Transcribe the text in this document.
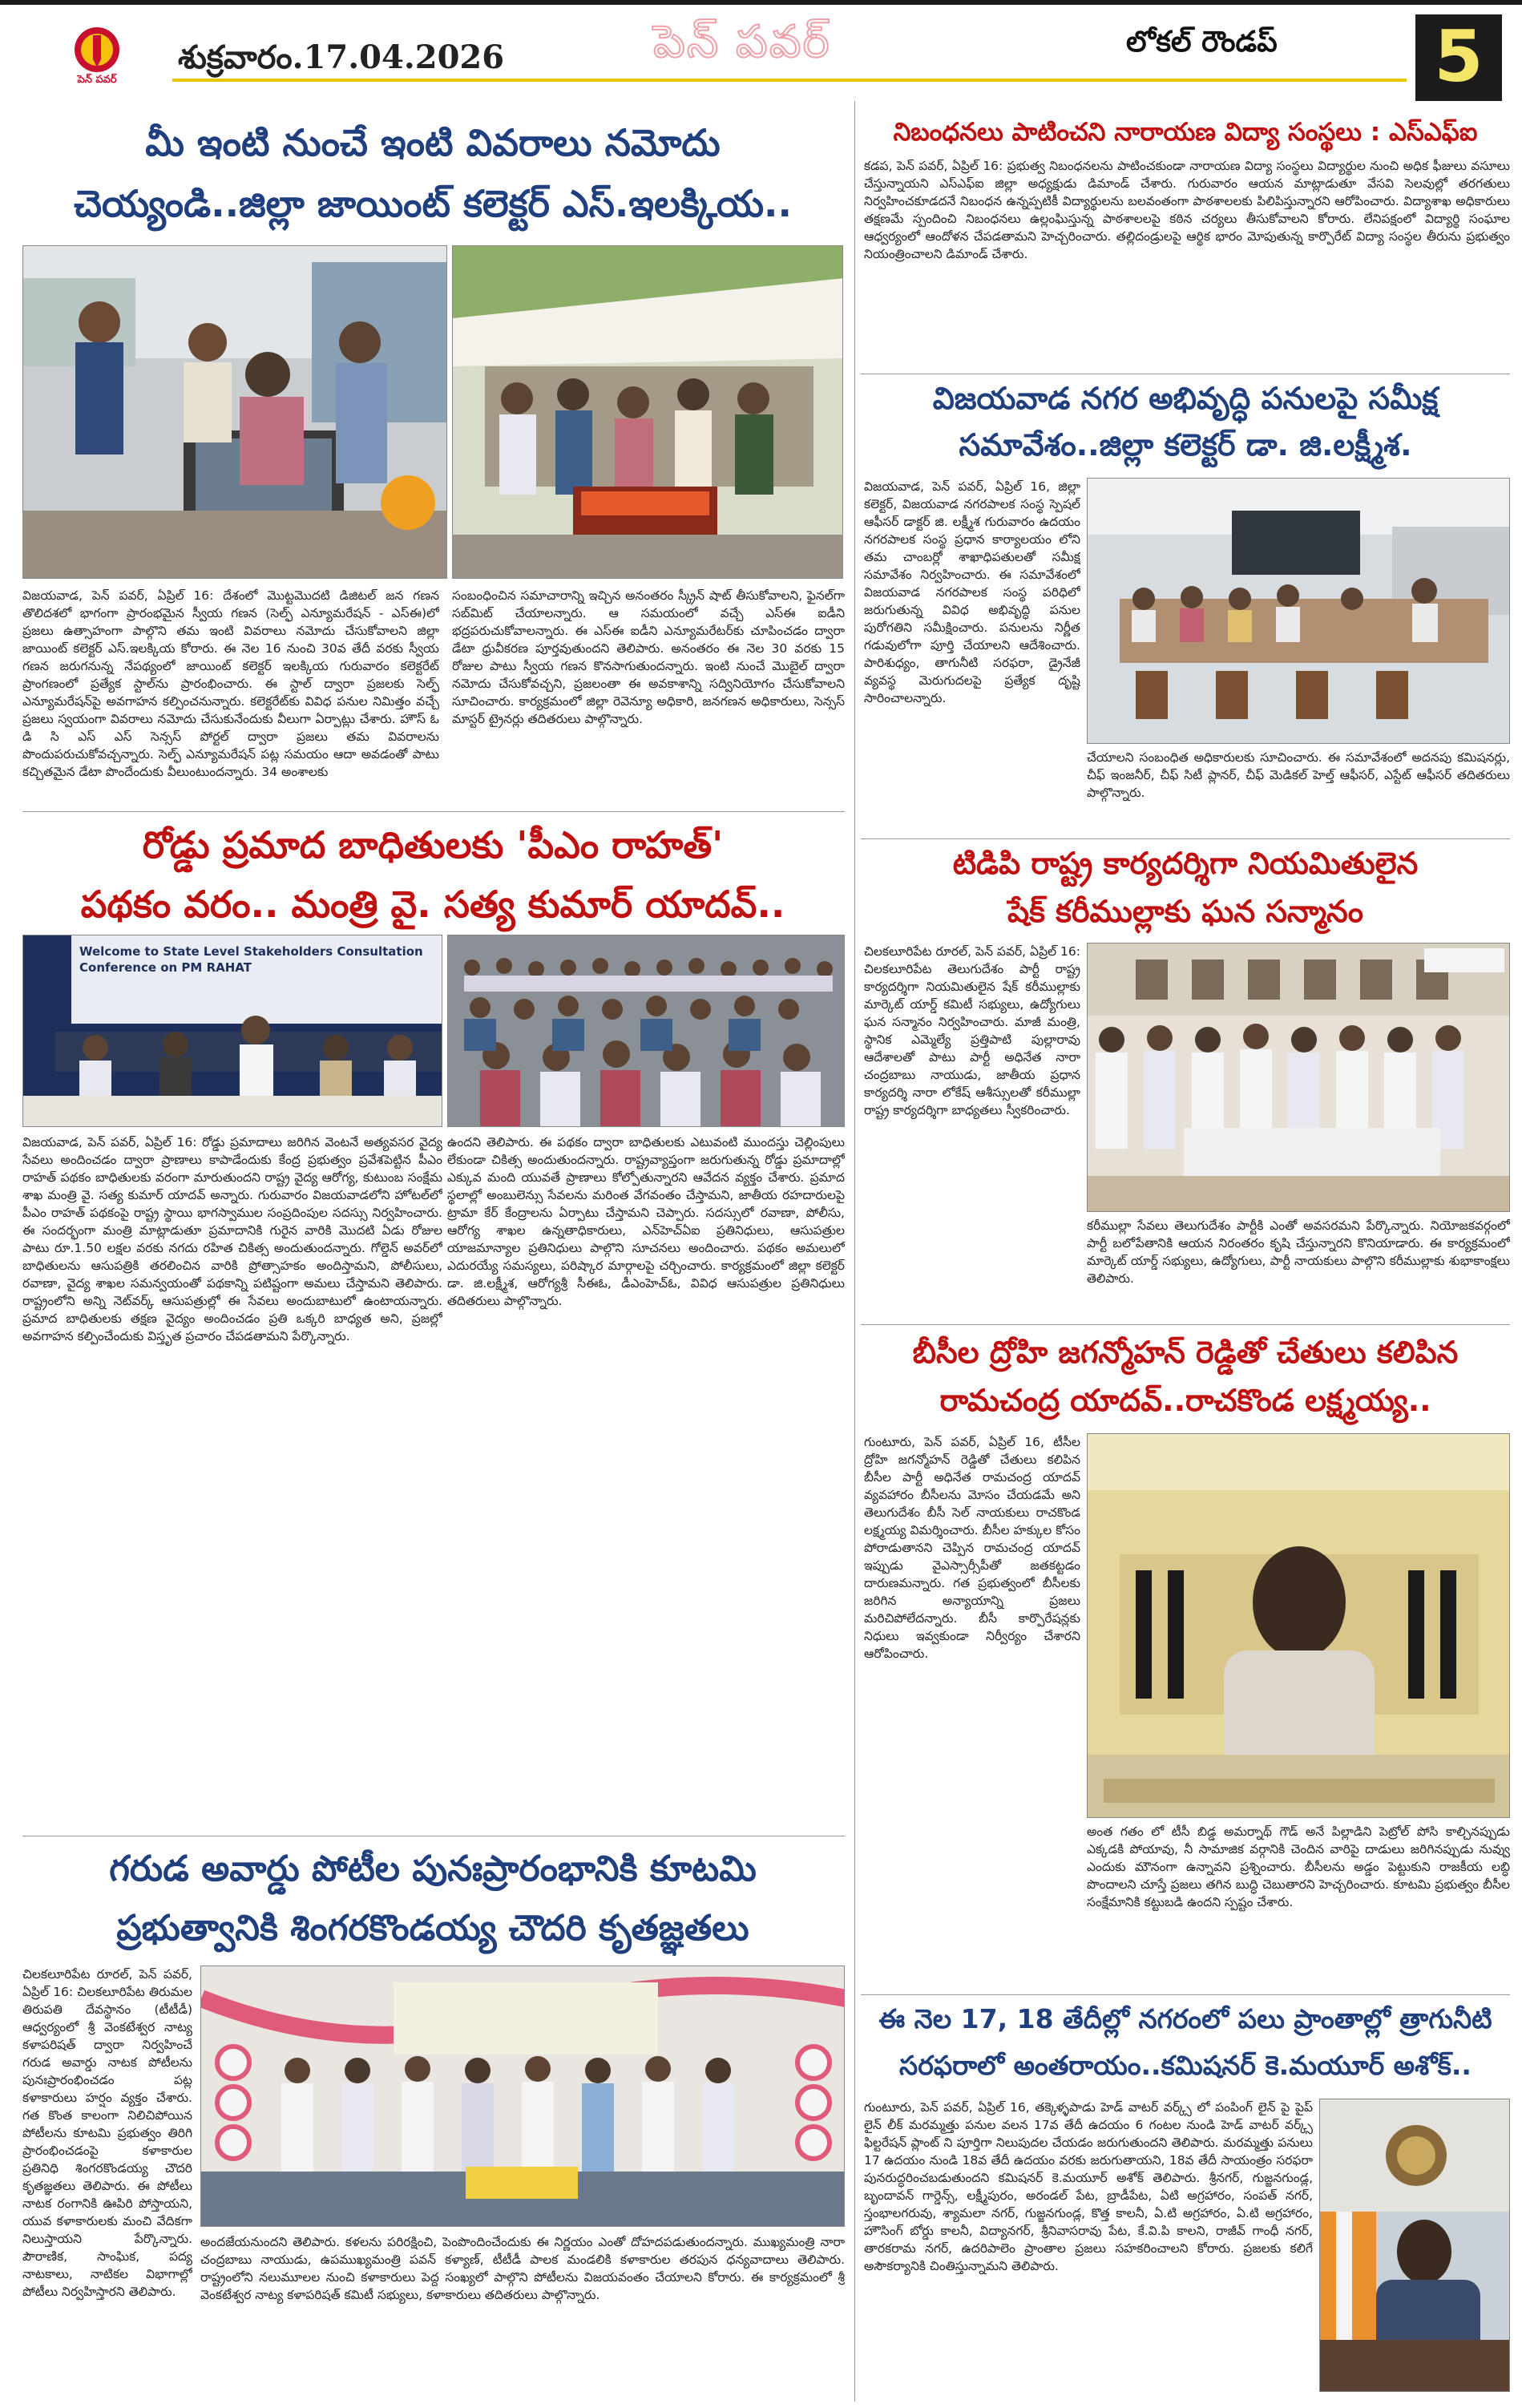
పెన్ పవర్
శుక్రవారం.17.04.2026	పెన్ పవర్	లోకల్ రౌండప్ 5
మీ ఇంటి నుంచే ఇంటి వివరాలు నమోదు
చెయ్యండి..జిల్లా జాయింట్ కలెక్టర్ ఎస్.ఇలక్కియ..
విజయవాడ, పెన్ పవర్, ఏప్రిల్ 16: దేశంలో మొట్టమొదటి డిజిటల్ జన గణన తొలిదశలో భాగంగా ప్రారంభమైన స్వీయ గణన (సెల్ఫ్ ఎన్యూమరేషన్ - ఎస్ఈ)లో ప్రజలు ఉత్సాహంగా పాల్గొని తమ ఇంటి వివరాలు నమోదు చేసుకోవాలని జిల్లా జాయింట్ కలెక్టర్ ఎస్.ఇలక్కియ కోరారు. ఈ నెల 16 నుంచి 30వ తేదీ వరకు స్వీయ గణన జరుగనున్న నేపథ్యంలో జాయింట్ కలెక్టర్ ఇలక్కియ గురువారం కలెక్టరేట్ ప్రాంగణంలో ప్రత్యేక స్టాల్‌ను ప్రారంభించారు. ఈ స్టాల్ ద్వారా ప్రజలకు సెల్ఫ్ ఎన్యూమరేషన్‌పై అవగాహన కల్పించనున్నారు. కలెక్టరేట్‌కు వివిధ పనుల నిమిత్తం వచ్చే ప్రజలు స్వయంగా వివరాలు నమోదు చేసుకునేందుకు వీలుగా ఏర్పాట్లు చేశారు. హౌస్ ఓ డి సి ఎస్ ఎస్ సెన్సస్ పోర్టల్ ద్వారా ప్రజలు తమ వివరాలను పొందుపరుచుకోవచ్చన్నారు. సెల్ఫ్ ఎన్యూమరేషన్ పట్ల సమయం ఆదా అవడంతో పాటు కచ్చితమైన డేటా పొందేందుకు వీలుంటుందన్నారు. 34 అంశాలకు
సంబంధించిన సమాచారాన్ని ఇచ్చిన అనంతరం స్క్రీన్ షాట్ తీసుకోవాలని, ఫైనల్‌గా సబ్‌మిట్ చేయాలన్నారు. ఆ సమయంలో వచ్చే ఎస్‌ఈ ఐడీని భద్రపరుచుకోవాలన్నారు. ఈ ఎస్‌ఈ ఐడీని ఎన్యూమరేటర్‌కు చూపించడం ద్వారా డేటా ధ్రువీకరణ పూర్తవుతుందని తెలిపారు. అనంతరం ఈ నెల 30 వరకు 15 రోజుల పాటు స్వీయ గణన కొనసాగుతుందన్నారు. ఇంటి నుంచే మొబైల్ ద్వారా నమోదు చేసుకోవచ్చని, ప్రజలంతా ఈ అవకాశాన్ని సద్వినియోగం చేసుకోవాలని సూచించారు. కార్యక్రమంలో జిల్లా రెవెన్యూ అధికారి, జనగణన అధికారులు, సెన్సస్ మాస్టర్ ట్రైనర్లు తదితరులు పాల్గొన్నారు.
రోడ్డు ప్రమాద బాధితులకు 'పీఎం రాహత్'
పథకం వరం.. మంత్రి వై. సత్య కుమార్ యాదవ్..
Welcome to State Level Stakeholders Consultation Conference on PM RAHAT
విజయవాడ, పెన్ పవర్, ఏప్రిల్ 16: రోడ్డు ప్రమాదాలు జరిగిన వెంటనే అత్యవసర వైద్య సేవలు అందించడం ద్వారా ప్రాణాలు కాపాడేందుకు కేంద్ర ప్రభుత్వం ప్రవేశపెట్టిన పీఎం రాహత్ పథకం బాధితులకు వరంగా మారుతుందని రాష్ట్ర వైద్య ఆరోగ్య, కుటుంబ సంక్షేమ శాఖ మంత్రి వై. సత్య కుమార్ యాదవ్ అన్నారు. గురువారం విజయవాడలోని హోటల్‌లో పీఎం రాహత్ పథకంపై రాష్ట్ర స్థాయి భాగస్వాముల సంప్రదింపుల సదస్సు నిర్వహించారు. ఈ సందర్భంగా మంత్రి మాట్లాడుతూ ప్రమాదానికి గురైన వారికి మొదటి ఏడు రోజుల పాటు రూ.1.50 లక్షల వరకు నగదు రహిత చికిత్స అందుతుందన్నారు. గోల్డెన్ అవర్‌లో బాధితులను ఆసుపత్రికి తరలించిన వారికి ప్రోత్సాహకం అందిస్తామని, పోలీసులు, రవాణా, వైద్య శాఖల సమన్వయంతో పథకాన్ని పటిష్టంగా అమలు చేస్తామని తెలిపారు. రాష్ట్రంలోని అన్ని నెట్‌వర్క్ ఆసుపత్రుల్లో ఈ సేవలు అందుబాటులో ఉంటాయన్నారు. ప్రమాద బాధితులకు తక్షణ వైద్యం అందించడం ప్రతి ఒక్కరి బాధ్యత అని, ప్రజల్లో అవగాహన కల్పించేందుకు విస్తృత ప్రచారం చేపడతామని పేర్కొన్నారు.
ఉందని తెలిపారు. ఈ పథకం ద్వారా బాధితులకు ఎటువంటి ముందస్తు చెల్లింపులు లేకుండా చికిత్స అందుతుందన్నారు. రాష్ట్రవ్యాప్తంగా జరుగుతున్న రోడ్డు ప్రమాదాల్లో ఎక్కువ మంది యువతే ప్రాణాలు కోల్పోతున్నారని ఆవేదన వ్యక్తం చేశారు. ప్రమాద స్థలాల్లో అంబులెన్సు సేవలను మరింత వేగవంతం చేస్తామని, జాతీయ రహదారులపై ట్రామా కేర్ కేంద్రాలను ఏర్పాటు చేస్తామని చెప్పారు. సదస్సులో రవాణా, పోలీసు, ఆరోగ్య శాఖల ఉన్నతాధికారులు, ఎన్‌హెచ్‌ఏఐ ప్రతినిధులు, ఆసుపత్రుల యాజమాన్యాల ప్రతినిధులు పాల్గొని సూచనలు అందించారు. పథకం అమలులో ఎదురయ్యే సమస్యలు, పరిష్కార మార్గాలపై చర్చించారు. కార్యక్రమంలో జిల్లా కలెక్టర్ డా. జి.లక్ష్మీశ, ఆరోగ్యశ్రీ సీఈఓ, డీఎంహెచ్‌ఓ, వివిధ ఆసుపత్రుల ప్రతినిధులు తదితరులు పాల్గొన్నారు.
గరుడ అవార్డు పోటీల పునఃప్రారంభానికి కూటమి
ప్రభుత్వానికి శింగరకొండయ్య చౌదరి కృతజ్ఞతలు
చిలకలూరిపేట రూరల్, పెన్ పవర్, ఏప్రిల్ 16: చిలకలూరిపేట తిరుమల తిరుపతి దేవస్థానం (టీటీడీ) ఆధ్వర్యంలో శ్రీ వెంకటేశ్వర నాట్య కళాపరిషత్ ద్వారా నిర్వహించే గరుడ అవార్డు నాటక పోటీలను పునఃప్రారంభించడం పట్ల కళాకారులు హర్షం వ్యక్తం చేశారు. గత కొంత కాలంగా నిలిచిపోయిన పోటీలను కూటమి ప్రభుత్వం తిరిగి ప్రారంభించడంపై కళాకారుల ప్రతినిధి శింగరకొండయ్య చౌదరి కృతజ్ఞతలు తెలిపారు. ఈ పోటీలు నాటక రంగానికి ఊపిరి పోస్తాయని, యువ కళాకారులకు మంచి వేదికగా నిలుస్తాయని పేర్కొన్నారు. పౌరాణిక, సాంఘిక, పద్య నాటకాలు, నాటికల విభాగాల్లో పోటీలు నిర్వహిస్తారని తెలిపారు.
అందజేయనుందని తెలిపారు. కళలను పరిరక్షించి, పెంపొందించేందుకు ఈ నిర్ణయం ఎంతో దోహదపడుతుందన్నారు. ముఖ్యమంత్రి నారా చంద్రబాబు నాయుడు, ఉపముఖ్యమంత్రి పవన్ కళ్యాణ్, టీటీడీ పాలక మండలికి కళాకారుల తరపున ధన్యవాదాలు తెలిపారు. రాష్ట్రంలోని నలుమూలల నుంచి కళాకారులు పెద్ద సంఖ్యలో పాల్గొని పోటీలను విజయవంతం చేయాలని కోరారు. ఈ కార్యక్రమంలో శ్రీ వెంకటేశ్వర నాట్య కళాపరిషత్ కమిటీ సభ్యులు, కళాకారులు తదితరులు పాల్గొన్నారు.
నిబంధనలు పాటించని నారాయణ విద్యా సంస్థలు : ఎస్ఎఫ్ఐ
కడప, పెన్ పవర్, ఏప్రిల్ 16: ప్రభుత్వ నిబంధనలను పాటించకుండా నారాయణ విద్యా సంస్థలు విద్యార్థుల నుంచి అధిక ఫీజులు వసూలు చేస్తున్నాయని ఎస్ఎఫ్ఐ జిల్లా అధ్యక్షుడు డిమాండ్ చేశారు. గురువారం ఆయన మాట్లాడుతూ వేసవి సెలవుల్లో తరగతులు నిర్వహించకూడదనే నిబంధన ఉన్నప్పటికీ విద్యార్థులను బలవంతంగా పాఠశాలలకు పిలిపిస్తున్నారని ఆరోపించారు. విద్యాశాఖ అధికారులు తక్షణమే స్పందించి నిబంధనలు ఉల్లంఘిస్తున్న పాఠశాలలపై కఠిన చర్యలు తీసుకోవాలని కోరారు. లేనిపక్షంలో విద్యార్థి సంఘాల ఆధ్వర్యంలో ఆందోళన చేపడతామని హెచ్చరించారు. తల్లిదండ్రులపై ఆర్థిక భారం మోపుతున్న కార్పొరేట్ విద్యా సంస్థల తీరును ప్రభుత్వం నియంత్రించాలని డిమాండ్ చేశారు.
విజయవాడ నగర అభివృద్ధి పనులపై సమీక్ష
సమావేశం..జిల్లా కలెక్టర్ డా. జి.లక్ష్మీశ.
విజయవాడ, పెన్ పవర్, ఏప్రిల్ 16, జిల్లా కలెక్టర్, విజయవాడ నగరపాలక సంస్థ స్పెషల్ ఆఫీసర్ డాక్టర్ జి. లక్ష్మీశ గురువారం ఉదయం నగరపాలక సంస్థ ప్రధాన కార్యాలయం లోని తమ చాంబర్లో శాఖాధిపతులతో సమీక్ష సమావేశం నిర్వహించారు. ఈ సమావేశంలో విజయవాడ నగరపాలక సంస్థ పరిధిలో జరుగుతున్న వివిధ అభివృద్ధి పనుల పురోగతిని సమీక్షించారు. పనులను నిర్ణీత గడువులోగా పూర్తి చేయాలని ఆదేశించారు. పారిశుధ్యం, తాగునీటి సరఫరా, డ్రైనేజీ వ్యవస్థ మెరుగుదలపై ప్రత్యేక దృష్టి సారించాలన్నారు.
చేయాలని సంబంధిత అధికారులకు సూచించారు. ఈ సమావేశంలో అదనపు కమిషనర్లు, చీఫ్ ఇంజనీర్, చీఫ్ సిటీ ప్లానర్, చీఫ్ మెడికల్ హెల్త్ ఆఫీసర్, ఎస్టేట్ ఆఫీసర్ తదితరులు పాల్గొన్నారు.
టిడిపి రాష్ట్ర కార్యదర్శిగా నియమితులైన
షేక్ కరీముల్లాకు ఘన సన్మానం
చిలకలూరిపేట రూరల్, పెన్ పవర్, ఏప్రిల్ 16: చిలకలూరిపేట తెలుగుదేశం పార్టీ రాష్ట్ర కార్యదర్శిగా నియమితులైన షేక్ కరీముల్లాకు మార్కెట్ యార్డ్ కమిటీ సభ్యులు, ఉద్యోగులు ఘన సన్మానం నిర్వహించారు. మాజీ మంత్రి, స్థానిక ఎమ్మెల్యే ప్రత్తిపాటి పుల్లారావు ఆదేశాలతో పాటు పార్టీ అధినేత నారా చంద్రబాబు నాయుడు, జాతీయ ప్రధాన కార్యదర్శి నారా లోకేష్ ఆశీస్సులతో కరీముల్లా రాష్ట్ర కార్యదర్శిగా బాధ్యతలు స్వీకరించారు.
కరీముల్లా సేవలు తెలుగుదేశం పార్టీకి ఎంతో అవసరమని పేర్కొన్నారు. నియోజకవర్గంలో పార్టీ బలోపేతానికి ఆయన నిరంతరం కృషి చేస్తున్నారని కొనియాడారు. ఈ కార్యక్రమంలో మార్కెట్ యార్డ్ సభ్యులు, ఉద్యోగులు, పార్టీ నాయకులు పాల్గొని కరీముల్లాకు శుభాకాంక్షలు తెలిపారు.
బీసీల ద్రోహి జగన్మోహన్ రెడ్డితో చేతులు కలిపిన
రామచంద్ర యాదవ్..రాచకొండ లక్ష్మయ్య..
గుంటూరు, పెన్ పవర్, ఏప్రిల్ 16, టీసీల ద్రోహి జగన్మోహన్ రెడ్డితో చేతులు కలిపిన బీసీల పార్టీ అధినేత రామచంద్ర యాదవ్ వ్యవహారం బీసీలను మోసం చేయడమే అని తెలుగుదేశం బీసీ సెల్ నాయకులు రాచకొండ లక్ష్మయ్య విమర్శించారు. బీసీల హక్కుల కోసం పోరాడుతానని చెప్పిన రామచంద్ర యాదవ్ ఇప్పుడు వైఎస్సార్సీపీతో జతకట్టడం దారుణమన్నారు. గత ప్రభుత్వంలో బీసీలకు జరిగిన అన్యాయాన్ని ప్రజలు మరిచిపోలేదన్నారు. బీసీ కార్పొరేషన్లకు నిధులు ఇవ్వకుండా నిర్వీర్యం చేశారని ఆరోపించారు.
అంత గతం లో టీసీ బిడ్డ అమర్నాథ్ గౌడ్ అనే పిల్లాడిని పెట్రోల్ పోసి కాల్చినప్పుడు ఎక్కడకి పోయావు, నీ సామాజిక వర్గానికి చెందిన వారిపై దాడులు జరిగినప్పుడు నువ్వు ఎందుకు మౌనంగా ఉన్నావని ప్రశ్నించారు. బీసీలను అడ్డం పెట్టుకుని రాజకీయ లబ్ధి పొందాలని చూస్తే ప్రజలు తగిన బుద్ధి చెబుతారని హెచ్చరించారు. కూటమి ప్రభుత్వం బీసీల సంక్షేమానికి కట్టుబడి ఉందని స్పష్టం చేశారు.
ఈ నెల 17, 18 తేదీల్లో నగరంలో పలు ప్రాంతాల్లో త్రాగునీటి
సరఫరాలో అంతరాయం..కమిషనర్ కె.మయూర్ అశోక్..
గుంటూరు, పెన్ పవర్, ఏప్రిల్ 16, తక్కెళ్ళపాడు హెడ్ వాటర్ వర్క్స్ లో పంపింగ్ లైన్ పై పైప్ లైన్ లీక్ మరమ్మత్తు పనుల వలన 17వ తేదీ ఉదయం 6 గంటల నుండి హెడ్ వాటర్ వర్క్స్ ఫిల్టరేషన్ ప్లాంట్ ని పూర్తిగా నిలుపుదల చేయడం జరుగుతుందని తెలిపారు. మరమ్మత్తు పనులు 17 ఉదయం నుండి 18వ తేదీ ఉదయం వరకు జరుగుతాయని, 18వ తేదీ సాయంత్రం సరఫరా పునరుద్ధరించబడుతుందని కమిషనర్ కె.మయూర్ అశోక్ తెలిపారు. శ్రీనగర్, గుజ్జనగుండ్ల, బృందావన్ గార్డెన్స్, లక్ష్మీపురం, అరండల్ పేట, బ్రాడీపేట, ఏటి అగ్రహారం, సంపత్ నగర్, స్తంభాలగరువు, శ్యామలా నగర్, గుజ్జనగుండ్ల, కొత్త కాలనీ, ఏ.టి అగ్రహారం, ఏ.టి అగ్రహారం, హౌసింగ్ బోర్డు కాలనీ, విద్యానగర్, శ్రీనివాసరావు పేట, కే.వి.పి కాలని, రాజీవ్ గాంధీ నగర్, తారకరామ నగర్, ఉదరిపాలెం ప్రాంతాల ప్రజలు సహకరించాలని కోరారు. ప్రజలకు కలిగే అసౌకర్యానికి చింతిస్తున్నామని తెలిపారు.
